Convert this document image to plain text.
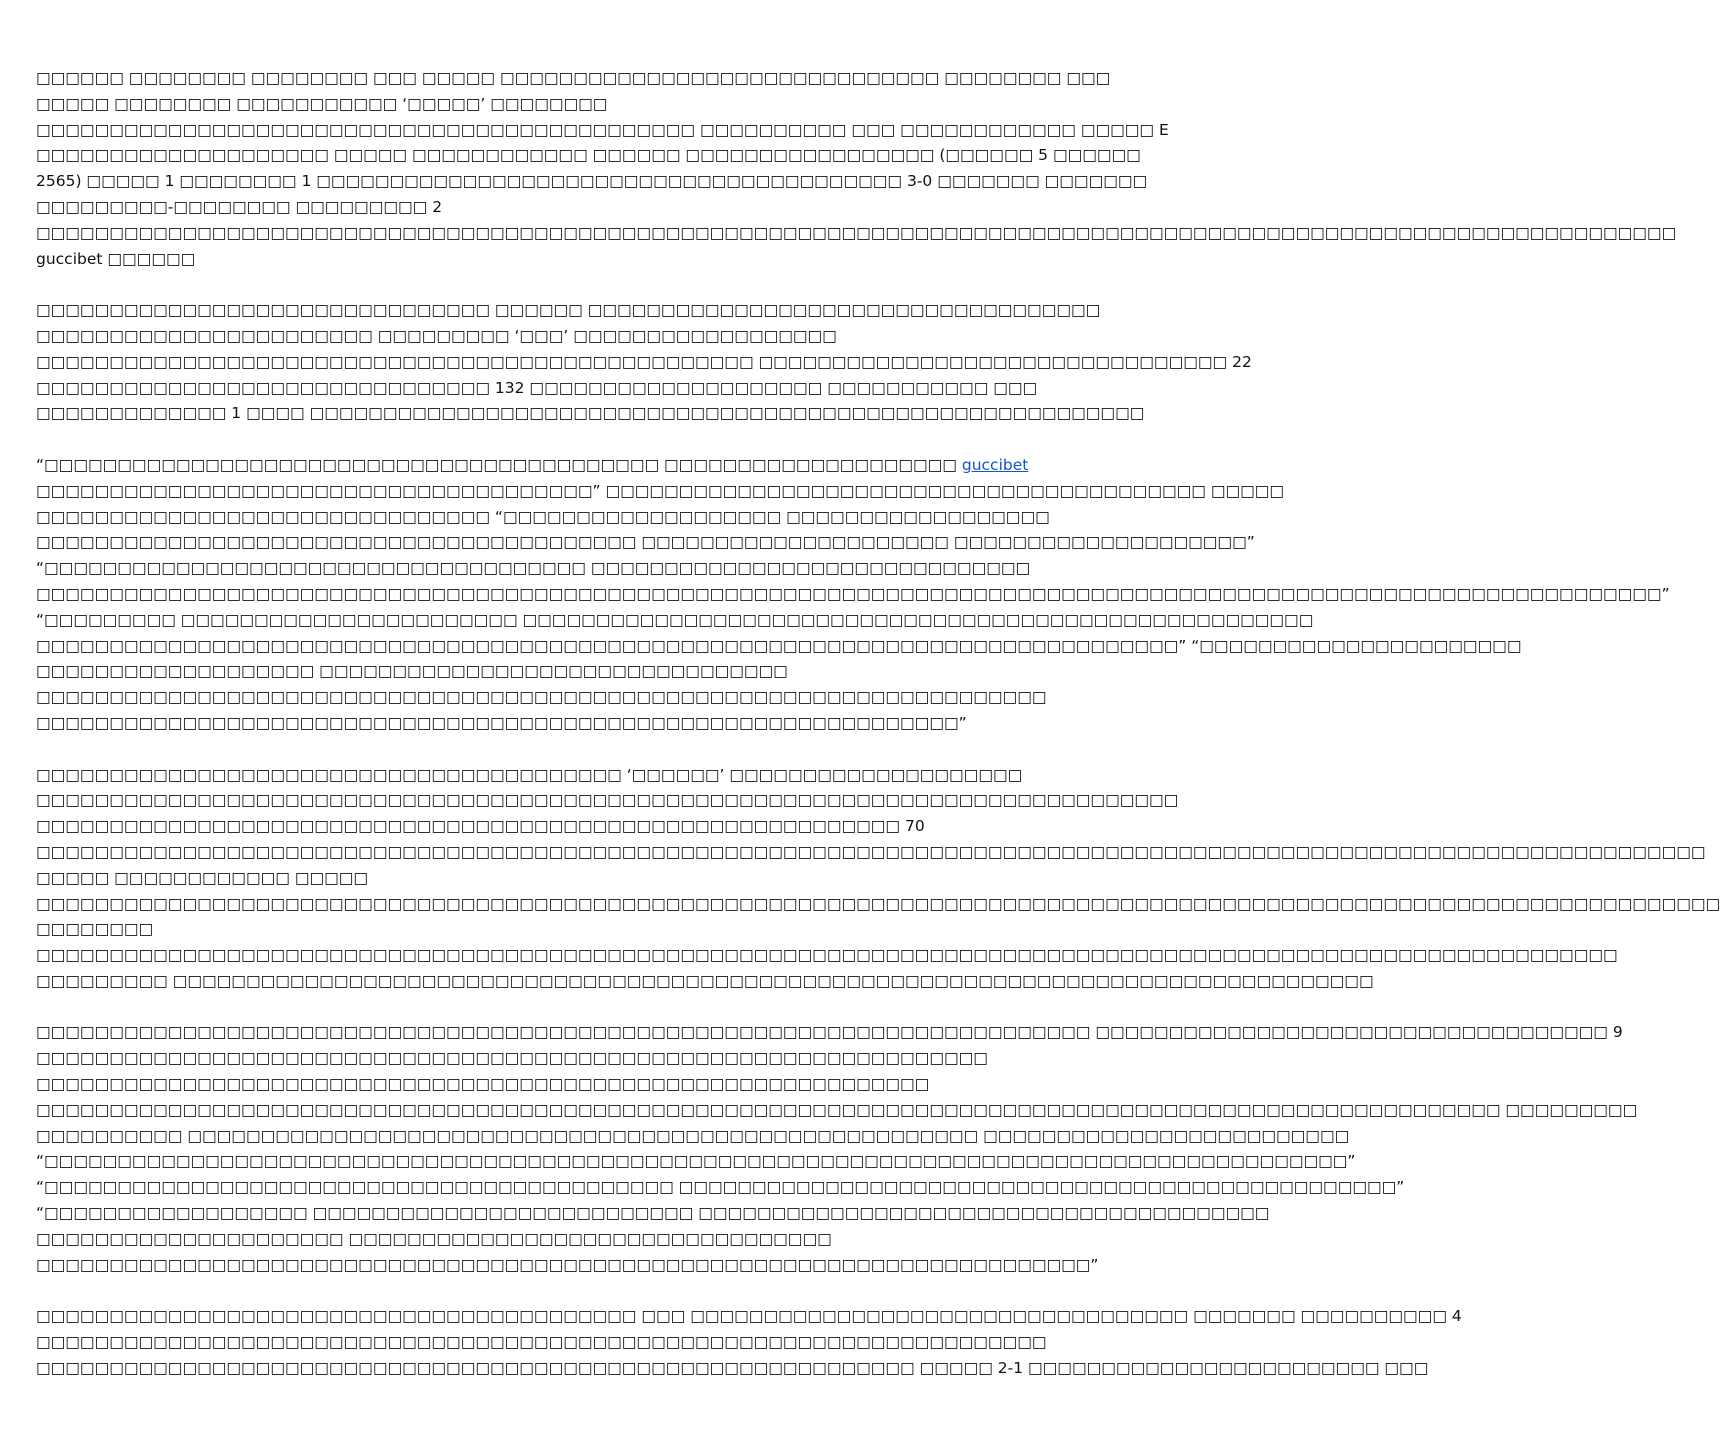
□□□□□□ □□□□□□□□ □□□□□□□□ □□□ □□□□□ □□□□□□□□□□□□□□□□□□□□□□□□□□□□□□ □□□□□□□□ □□□
□□□□□ □□□□□□□□ □□□□□□□□□□□ ‘□□□□□’ □□□□□□□□
□□□□□□□□□□□□□□□□□□□□□□□□□□□□□□□□□□□□□□□□□□□□□ □□□□□□□□□□ □□□ □□□□□□□□□□□□ □□□□□ E
□□□□□□□□□□□□□□□□□□□□ □□□□□ □□□□□□□□□□□□ □□□□□□ □□□□□□□□□□□□□□□□□ (□□□□□□ 5 □□□□□□
2565) □□□□□ 1 □□□□□□□□ 1 □□□□□□□□□□□□□□□□□□□□□□□□□□□□□□□□□□□□□□□□ 3-0 □□□□□□□ □□□□□□□
□□□□□□□□□-□□□□□□□□ □□□□□□□□□ 2
□□□□□□□□□□□□□□□□□□□□□□□□□□□□□□□□□□□□□□□□□□□□□□□□□□□□□□□□□□□□□□□□□□□□□□□□□□□□□□□□□□□□□□□□□□□□□□□□□□□□□□□□□□□□□□□□
guccibet □□□□□□
□□□□□□□□□□□□□□□□□□□□□□□□□□□□□□□ □□□□□□ □□□□□□□□□□□□□□□□□□□□□□□□□□□□□□□□□□□
□□□□□□□□□□□□□□□□□□□□□□□ □□□□□□□□□ ‘□□□’ □□□□□□□□□□□□□□□□□□
□□□□□□□□□□□□□□□□□□□□□□□□□□□□□□□□□□□□□□□□□□□□□□□□□ □□□□□□□□□□□□□□□□□□□□□□□□□□□□□□□□ 22
□□□□□□□□□□□□□□□□□□□□□□□□□□□□□□□ 132 □□□□□□□□□□□□□□□□□□□□ □□□□□□□□□□□ □□□
□□□□□□□□□□□□□ 1 □□□□ □□□□□□□□□□□□□□□□□□□□□□□□□□□□□□□□□□□□□□□□□□□□□□□□□□□□□□□□□
“□□□□□□□□□□□□□□□□□□□□□□□□□□□□□□□□□□□□□□□□□□ □□□□□□□□□□□□□□□□□□□□ guccibet
□□□□□□□□□□□□□□□□□□□□□□□□□□□□□□□□□□□□□□” □□□□□□□□□□□□□□□□□□□□□□□□□□□□□□□□□□□□□□□□□ □□□□□
□□□□□□□□□□□□□□□□□□□□□□□□□□□□□□□ “□□□□□□□□□□□□□□□□□□□ □□□□□□□□□□□□□□□□□□
□□□□□□□□□□□□□□□□□□□□□□□□□□□□□□□□□□□□□□□□□ □□□□□□□□□□□□□□□□□□□□□ □□□□□□□□□□□□□□□□□□□□”
“□□□□□□□□□□□□□□□□□□□□□□□□□□□□□□□□□□□□□ □□□□□□□□□□□□□□□□□□□□□□□□□□□□□□
□□□□□□□□□□□□□□□□□□□□□□□□□□□□□□□□□□□□□□□□□□□□□□□□□□□□□□□□□□□□□□□□□□□□□□□□□□□□□□□□□□□□□□□□□□□□□□□□□□□□□□□□□□□□□□□”
“□□□□□□□□□ □□□□□□□□□□□□□□□□□□□□□□□ □□□□□□□□□□□□□□□□□□□□□□□□□□□□□□□□□□□□□□□□□□□□□□□□□□□□□□
□□□□□□□□□□□□□□□□□□□□□□□□□□□□□□□□□□□□□□□□□□□□□□□□□□□□□□□□□□□□□□□□□□□□□□□□□□□□□□” “□□□□□□□□□□□□□□□□□□□□□□
□□□□□□□□□□□□□□□□□□□ □□□□□□□□□□□□□□□□□□□□□□□□□□□□□□□□
□□□□□□□□□□□□□□□□□□□□□□□□□□□□□□□□□□□□□□□□□□□□□□□□□□□□□□□□□□□□□□□□□□□□□
□□□□□□□□□□□□□□□□□□□□□□□□□□□□□□□□□□□□□□□□□□□□□□□□□□□□□□□□□□□□□□□”
□□□□□□□□□□□□□□□□□□□□□□□□□□□□□□□□□□□□□□□□ ‘□□□□□□’ □□□□□□□□□□□□□□□□□□□□
□□□□□□□□□□□□□□□□□□□□□□□□□□□□□□□□□□□□□□□□□□□□□□□□□□□□□□□□□□□□□□□□□□□□□□□□□□□□□□
□□□□□□□□□□□□□□□□□□□□□□□□□□□□□□□□□□□□□□□□□□□□□□□□□□□□□□□□□□□ 70
□□□□□□□□□□□□□□□□□□□□□□□□□□□□□□□□□□□□□□□□□□□□□□□□□□□□□□□□□□□□□□□□□□□□□□□□□□□□□□□□□□□□□□□□□□□□□□□□□□□□□□□□□□□□□□□□□□
□□□□□ □□□□□□□□□□□□ □□□□□
□□□□□□□□□□□□□□□□□□□□□□□□□□□□□□□□□□□□□□□□□□□□□□□□□□□□□□□□□□□□□□□□□□□□□□□□□□□□□□□□□□□□□□□□□□□□□□□□□□□□□□□□□□□□□□□□□□□
□□□□□□□□
□□□□□□□□□□□□□□□□□□□□□□□□□□□□□□□□□□□□□□□□□□□□□□□□□□□□□□□□□□□□□□□□□□□□□□□□□□□□□□□□□□□□□□□□□□□□□□□□□□□□□□□□□□□□
□□□□□□□□□ □□□□□□□□□□□□□□□□□□□□□□□□□□□□□□□□□□□□□□□□□□□□□□□□□□□□□□□□□□□□□□□□□□□□□□□□□□□□□□□□□□
□□□□□□□□□□□□□□□□□□□□□□□□□□□□□□□□□□□□□□□□□□□□□□□□□□□□□□□□□□□□□□□□□□□□□□□□ □□□□□□□□□□□□□□□□□□□□□□□□□□□□□□□□□□□ 9
□□□□□□□□□□□□□□□□□□□□□□□□□□□□□□□□□□□□□□□□□□□□□□□□□□□□□□□□□□□□□□□□□
□□□□□□□□□□□□□□□□□□□□□□□□□□□□□□□□□□□□□□□□□□□□□□□□□□□□□□□□□□□□□
□□□□□□□□□□□□□□□□□□□□□□□□□□□□□□□□□□□□□□□□□□□□□□□□□□□□□□□□□□□□□□□□□□□□□□□□□□□□□□□□□□□□□□□□□□□□□□□□□□□□ □□□□□□□□□
□□□□□□□□□□ □□□□□□□□□□□□□□□□□□□□□□□□□□□□□□□□□□□□□□□□□□□□□□□□□□□□□□ □□□□□□□□□□□□□□□□□□□□□□□□□
“□□□□□□□□□□□□□□□□□□□□□□□□□□□□□□□□□□□□□□□□□□□□□□□□□□□□□□□□□□□□□□□□□□□□□□□□□□□□□□□□□□□□□□□□□”
“□□□□□□□□□□□□□□□□□□□□□□□□□□□□□□□□□□□□□□□□□□□ □□□□□□□□□□□□□□□□□□□□□□□□□□□□□□□□□□□□□□□□□□□□□□□□□”
“□□□□□□□□□□□□□□□□□□ □□□□□□□□□□□□□□□□□□□□□□□□□□ □□□□□□□□□□□□□□□□□□□□□□□□□□□□□□□□□□□□□□□
□□□□□□□□□□□□□□□□□□□□□ □□□□□□□□□□□□□□□□□□□□□□□□□□□□□□□□□
□□□□□□□□□□□□□□□□□□□□□□□□□□□□□□□□□□□□□□□□□□□□□□□□□□□□□□□□□□□□□□□□□□□□□□□□”
□□□□□□□□□□□□□□□□□□□□□□□□□□□□□□□□□□□□□□□□□ □□□ □□□□□□□□□□□□□□□□□□□□□□□□□□□□□□□□□□ □□□□□□□ □□□□□□□□□□ 4
□□□□□□□□□□□□□□□□□□□□□□□□□□□□□□□□□□□□□□□□□□□□□□□□□□□□□□□□□□□□□□□□□□□□□
□□□□□□□□□□□□□□□□□□□□□□□□□□□□□□□□□□□□□□□□□□□□□□□□□□□□□□□□□□□□ □□□□□ 2-1 □□□□□□□□□□□□□□□□□□□□□□□□ □□□
